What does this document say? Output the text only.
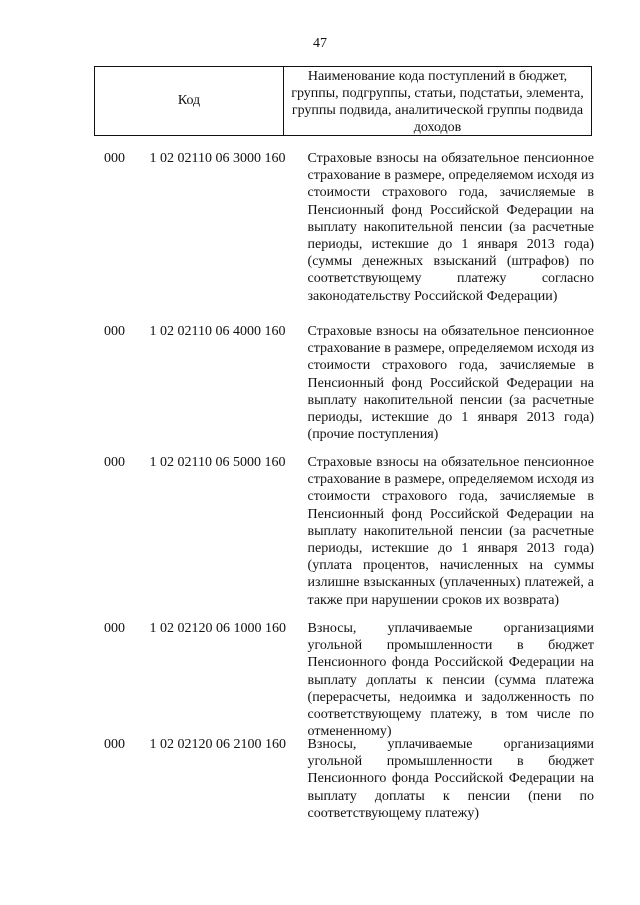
47
Код
Наименование кода поступлений в бюджет, группы, подгруппы, статьи, подстатьи, элемента, группы подвида, аналитической группы подвида доходов
000	1 02 02110 06 3000 160	Страховые взносы на обязательное пенсионное страхование в размере, определяемом исходя из стоимости страхового года, зачисляемые в Пенсионный фонд Российской Федерации на выплату накопительной пенсии (за расчетные периоды, истекшие до 1 января 2013 года) (суммы денежных взысканий (штрафов) по соответствующему платежу согласно законодательству Российской Федерации)
000	1 02 02110 06 4000 160	Страховые взносы на обязательное пенсионное страхование в размере, определяемом исходя из стоимости страхового года, зачисляемые в Пенсионный фонд Российской Федерации на выплату накопительной пенсии (за расчетные периоды, истекшие до 1 января 2013 года) (прочие поступления)
000	1 02 02110 06 5000 160	Страховые взносы на обязательное пенсионное страхование в размере, определяемом исходя из стоимости страхового года, зачисляемые в Пенсионный фонд Российской Федерации на выплату накопительной пенсии (за расчетные периоды, истекшие до 1 января 2013 года) (уплата процентов, начисленных на суммы излишне взысканных (уплаченных) платежей, а также при нарушении сроков их возврата)
000	1 02 02120 06 1000 160	Взносы, уплачиваемые организациями угольной промышленности в бюджет Пенсионного фонда Российской Федерации на выплату доплаты к пенсии (сумма платежа (перерасчеты, недоимка и задолженность по соответствующему платежу, в том числе по отмененному)
000	1 02 02120 06 2100 160	Взносы, уплачиваемые организациями угольной промышленности в бюджет Пенсионного фонда Российской Федерации на выплату доплаты к пенсии (пени по соответствующему платежу)
